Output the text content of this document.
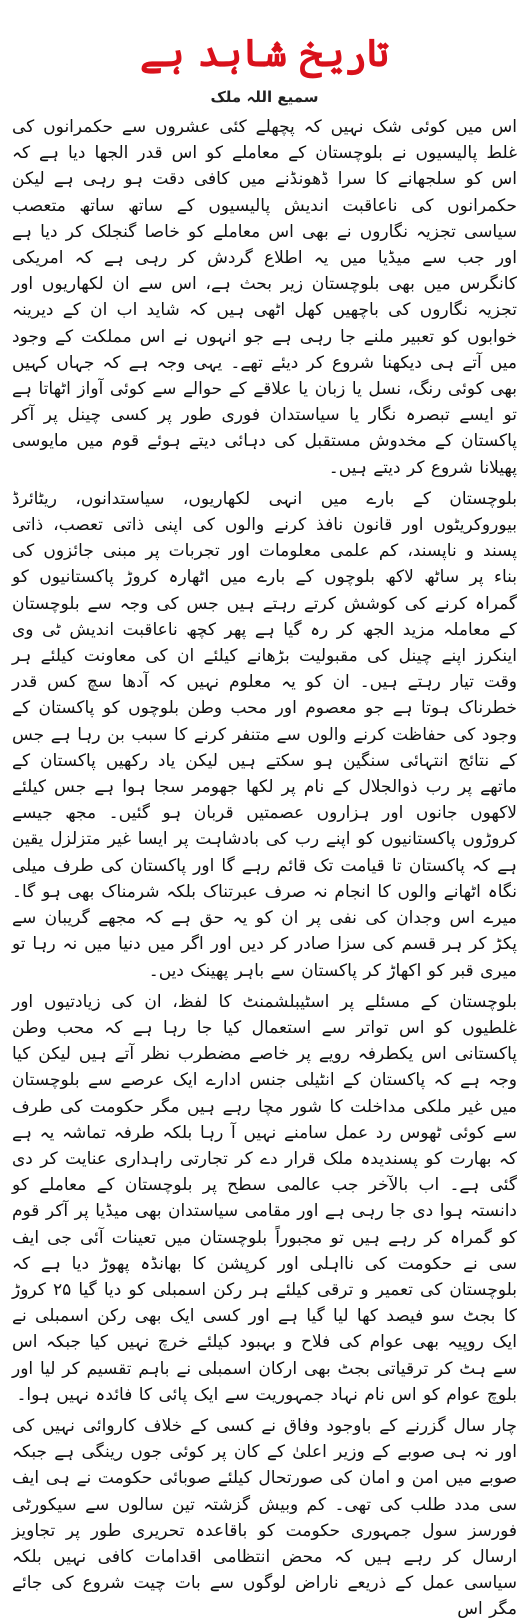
تاریخ شاہد ہے
سمیع اللہ ملک

اس میں کوئی شک نہیں کہ پچھلے کئی عشروں سے حکمرانوں کی غلط پالیسیوں نے بلوچستان کے معاملے کو اس قدر الجھا دیا ہے کہ اس کو سلجھانے کا سرا ڈھونڈنے میں کافی دقت ہو رہی ہے لیکن حکمرانوں کی ناعاقبت اندیش پالیسیوں کے ساتھ ساتھ متعصب سیاسی تجزیہ نگاروں نے بھی اس معاملے کو خاصا گنجلک کر دیا ہے اور جب سے میڈیا میں یہ اطلاع گردش کر رہی ہے کہ امریکی کانگرس میں بھی بلوچستان زیر بحث ہے، اس سے ان لکھاریوں اور تجزیہ نگاروں کی باچھیں کھل اٹھی ہیں کہ شاید اب ان کے دیرینہ خوابوں کو تعبیر ملنے جا رہی ہے جو انہوں نے اس مملکت کے وجود میں آتے ہی دیکھنا شروع کر دیئے تھے۔ یہی وجہ ہے کہ جہاں کہیں بھی کوئی رنگ، نسل یا زبان یا علاقے کے حوالے سے کوئی آواز اٹھاتا ہے تو ایسے تبصرہ نگار یا سیاستدان فوری طور پر کسی چینل پر آکر پاکستان کے مخدوش مستقبل کی دہائی دیتے ہوئے قوم میں مایوسی پھیلانا شروع کر دیتے ہیں۔

بلوچستان کے بارے میں انہی لکھاریوں، سیاستدانوں، ریٹائرڈ بیوروکریٹوں اور قانون نافذ کرنے والوں کی اپنی ذاتی تعصب، ذاتی پسند و ناپسند، کم علمی معلومات اور تجربات پر مبنی جائزوں کی بناء پر ساٹھ لاکھ بلوچوں کے بارے میں اٹھارہ کروڑ پاکستانیوں کو گمراہ کرنے کی کوشش کرتے رہتے ہیں جس کی وجہ سے بلوچستان کے معاملہ مزید الجھ کر رہ گیا ہے پھر کچھ ناعاقبت اندیش ٹی وی اینکرز اپنے چینل کی مقبولیت بڑھانے کیلئے ان کی معاونت کیلئے ہر وقت تیار رہتے ہیں۔ ان کو یہ معلوم نہیں کہ آدھا سچ کس قدر خطرناک ہوتا ہے جو معصوم اور محب وطن بلوچوں کو پاکستان کے وجود کی حفاظت کرنے والوں سے متنفر کرنے کا سبب بن رہا ہے جس کے نتائج انتہائی سنگین ہو سکتے ہیں لیکن یاد رکھیں پاکستان کے ماتھے پر رب ذوالجلال کے نام پر لکھا جھومر سجا ہوا ہے جس کیلئے لاکھوں جانوں اور ہزاروں عصمتیں قربان ہو گئیں۔ مجھ جیسے کروڑوں پاکستانیوں کو اپنے رب کی بادشاہت پر ایسا غیر متزلزل یقین ہے کہ پاکستان تا قیامت تک قائم رہے گا اور پاکستان کی طرف میلی نگاہ اٹھانے والوں کا انجام نہ صرف عبرتناک بلکہ شرمناک بھی ہو گا۔ میرے اس وجدان کی نفی پر ان کو یہ حق ہے کہ مجھے گریبان سے پکڑ کر ہر قسم کی سزا صادر کر دیں اور اگر میں دنیا میں نہ رہا تو میری قبر کو اکھاڑ کر پاکستان سے باہر پھینک دیں۔

بلوچستان کے مسئلے پر اسٹیبلشمنٹ کا لفظ، ان کی زیادتیوں اور غلطیوں کو اس تواتر سے استعمال کیا جا رہا ہے کہ محب وطن پاکستانی اس یکطرفہ رویے پر خاصے مضطرب نظر آتے ہیں لیکن کیا وجہ ہے کہ پاکستان کے انٹیلی جنس ادارے ایک عرصے سے بلوچستان میں غیر ملکی مداخلت کا شور مچا رہے ہیں مگر حکومت کی طرف سے کوئی ٹھوس رد عمل سامنے نہیں آ رہا بلکہ طرفہ تماشہ یہ ہے کہ بھارت کو پسندیدہ ملک قرار دے کر تجارتی راہداری عنایت کر دی گئی ہے۔ اب بالآخر جب عالمی سطح پر بلوچستان کے معاملے کو دانستہ ہوا دی جا رہی ہے اور مقامی سیاستدان بھی میڈیا پر آکر قوم کو گمراہ کر رہے ہیں تو مجبوراً بلوچستان میں تعینات آئی جی ایف سی نے حکومت کی نااہلی اور کرپشن کا بھانڈہ پھوڑ دیا ہے کہ بلوچستان کی تعمیر و ترقی کیلئے ہر رکن اسمبلی کو دیا گیا ۲۵ کروڑ کا بجٹ سو فیصد کھا لیا گیا ہے اور کسی ایک بھی رکن اسمبلی نے ایک روپیہ بھی عوام کی فلاح و بہبود کیلئے خرچ نہیں کیا جبکہ اس سے ہٹ کر ترقیاتی بجٹ بھی ارکان اسمبلی نے باہم تقسیم کر لیا اور بلوچ عوام کو اس نام نہاد جمہوریت سے ایک پائی کا فائدہ نہیں ہوا۔

چار سال گزرنے کے باوجود وفاق نے کسی کے خلاف کاروائی نہیں کی اور نہ ہی صوبے کے وزیر اعلیٰ کے کان پر کوئی جوں رینگی ہے جبکہ صوبے میں امن و امان کی صورتحال کیلئے صوبائی حکومت نے ہی ایف سی مدد طلب کی تھی۔ کم وبیش گزشتہ تین سالوں سے سیکورٹی فورسز سول جمہوری حکومت کو باقاعدہ تحریری طور پر تجاویز ارسال کر رہے ہیں کہ محض انتظامی اقدامات کافی نہیں بلکہ سیاسی عمل کے ذریعے ناراض لوگوں سے بات چیت شروع کی جائے مگر اس
